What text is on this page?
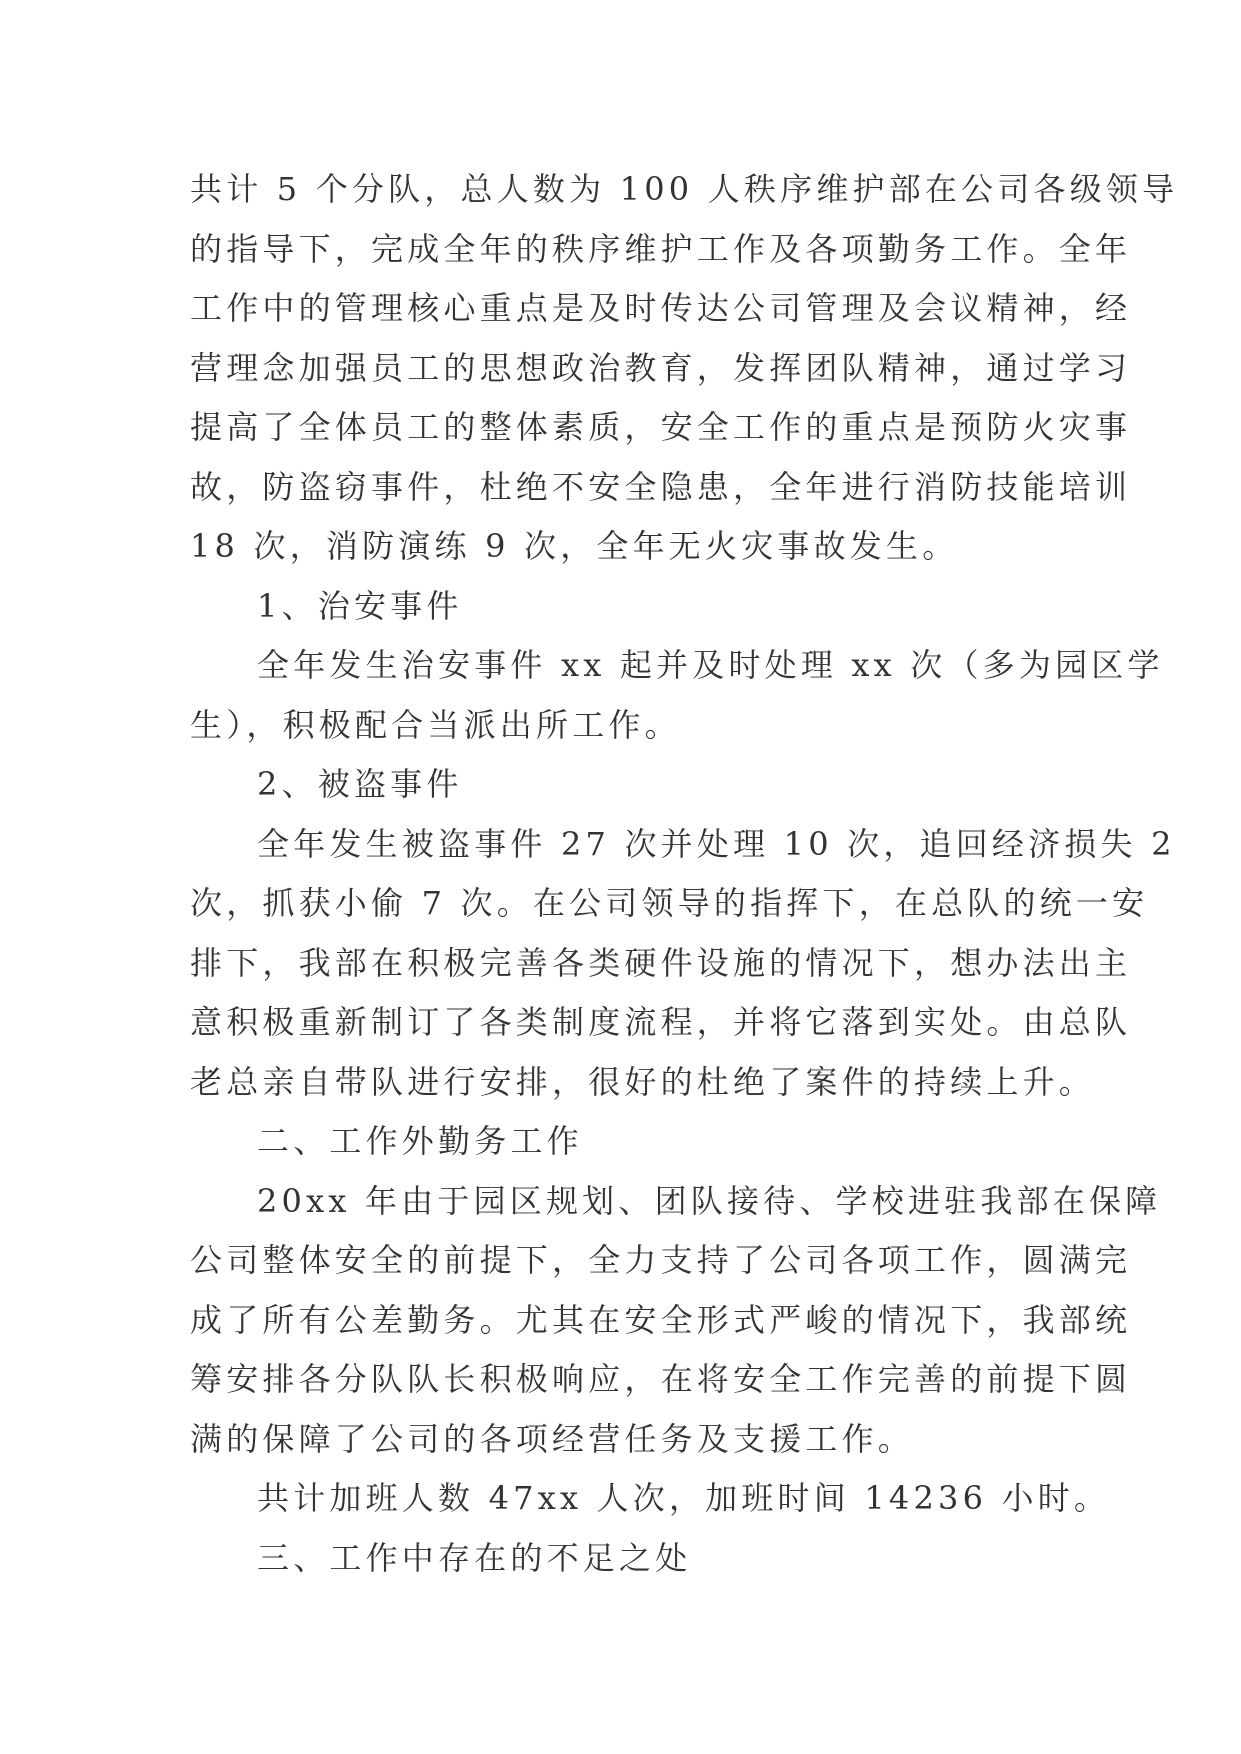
共计 5 个分队，总人数为 100 人秩序维护部在公司各级领导
的指导下，完成全年的秩序维护工作及各项勤务工作。全年
工作中的管理核心重点是及时传达公司管理及会议精神，经
营理念加强员工的思想政治教育，发挥团队精神，通过学习
提高了全体员工的整体素质，安全工作的重点是预防火灾事
故，防盗窃事件，杜绝不安全隐患，全年进行消防技能培训
18 次，消防演练 9 次，全年无火灾事故发生。
1、治安事件
全年发生治安事件 xx 起并及时处理 xx 次（多为园区学
生），积极配合当派出所工作。
2、被盗事件
全年发生被盗事件 27 次并处理 10 次，追回经济损失 2
次，抓获小偷 7 次。在公司领导的指挥下，在总队的统一安
排下，我部在积极完善各类硬件设施的情况下，想办法出主
意积极重新制订了各类制度流程，并将它落到实处。由总队
老总亲自带队进行安排，很好的杜绝了案件的持续上升。
二、工作外勤务工作
20xx 年由于园区规划、团队接待、学校进驻我部在保障
公司整体安全的前提下，全力支持了公司各项工作，圆满完
成了所有公差勤务。尤其在安全形式严峻的情况下，我部统
筹安排各分队队长积极响应，在将安全工作完善的前提下圆
满的保障了公司的各项经营任务及支援工作。
共计加班人数 47xx 人次，加班时间 14236 小时。
三、工作中存在的不足之处
